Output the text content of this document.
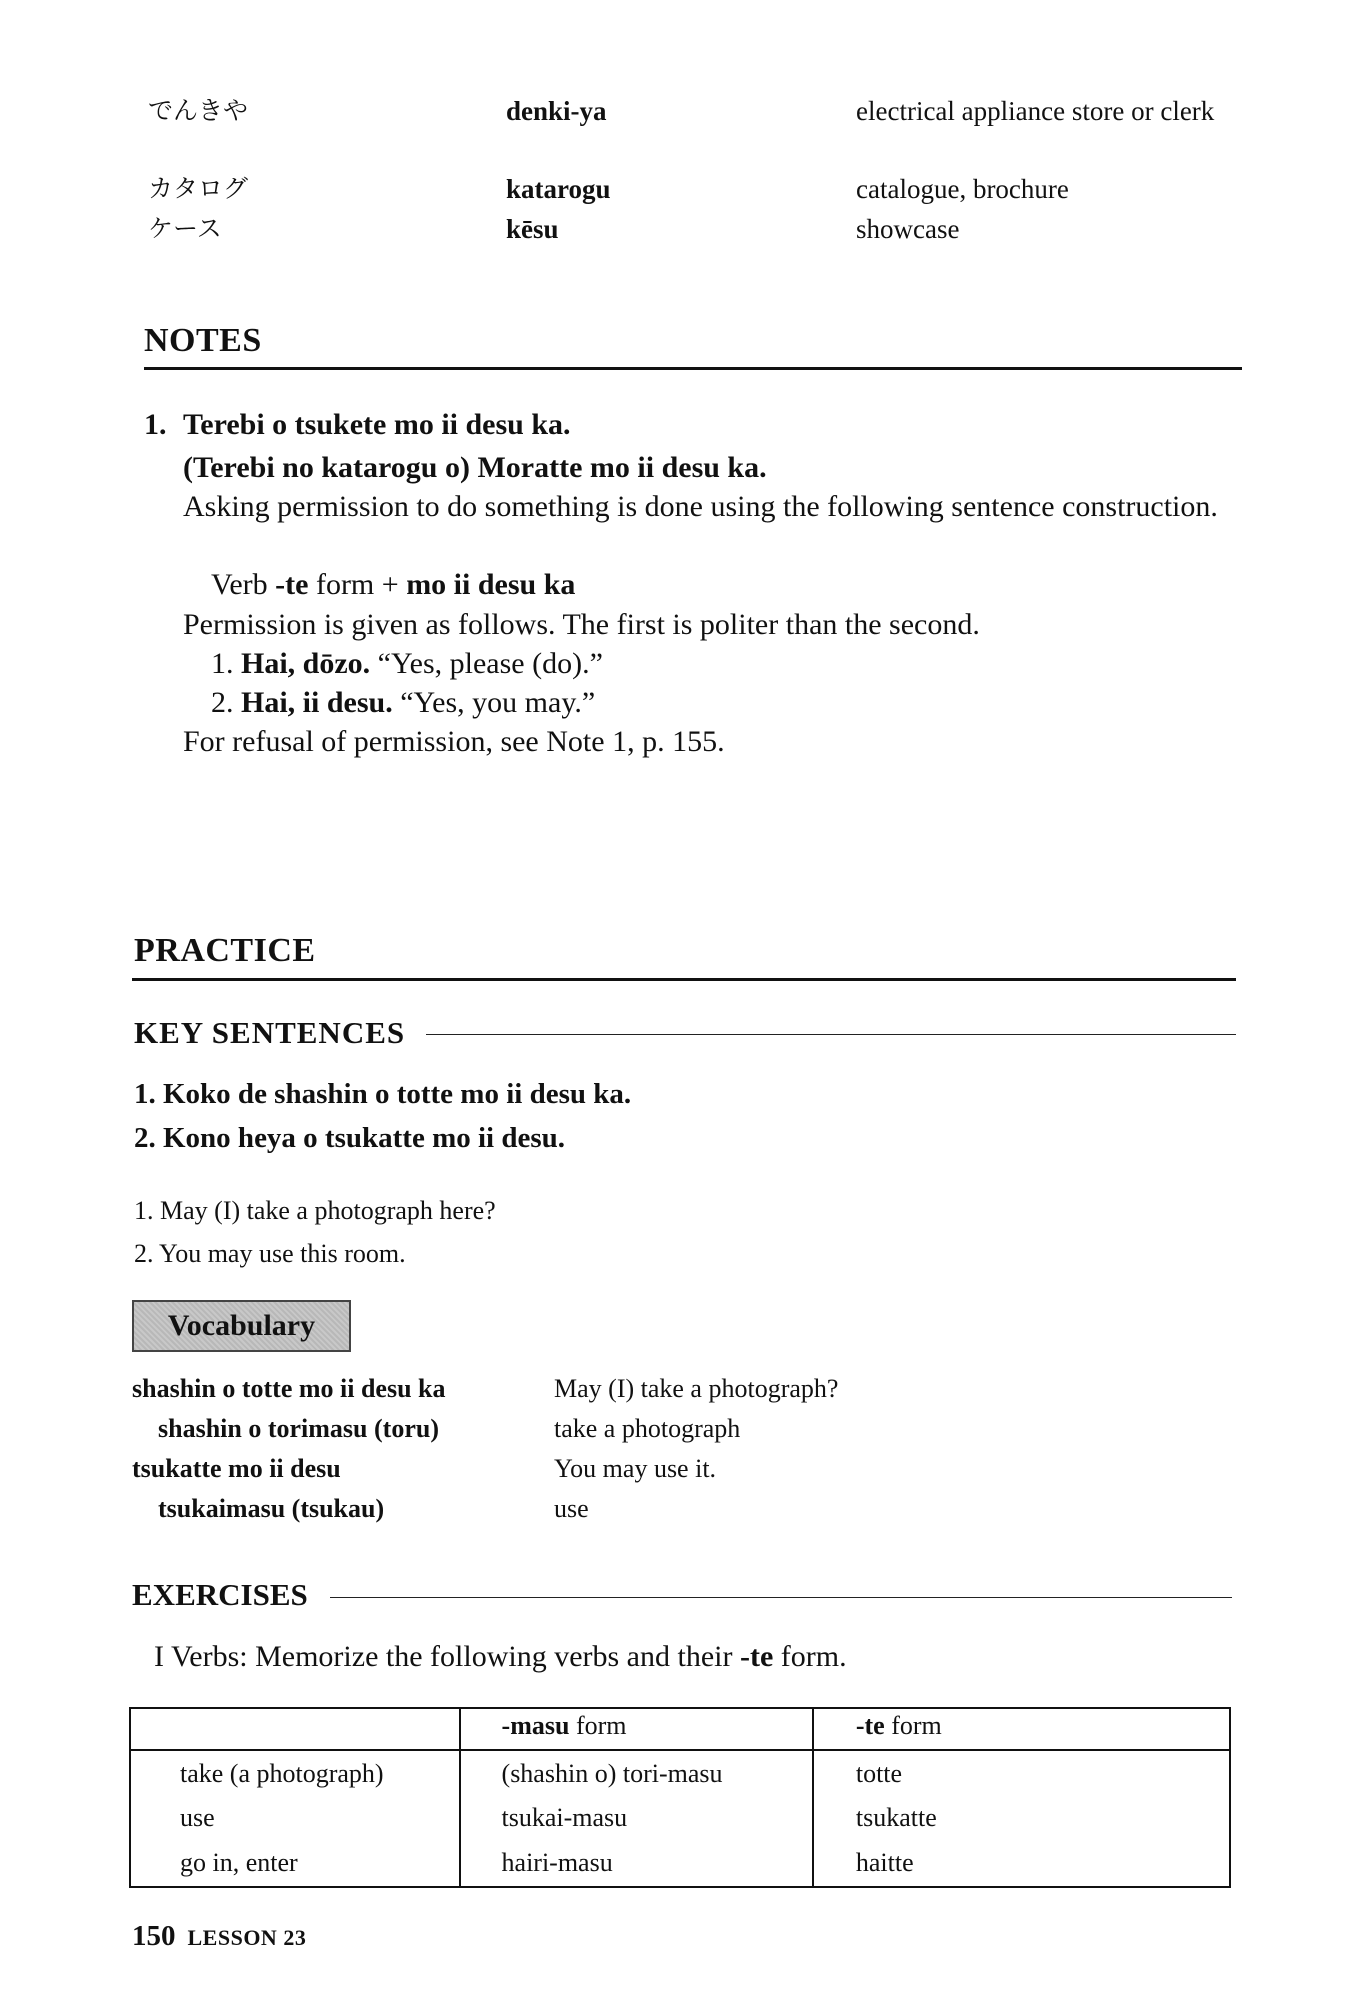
でんきや	denki-ya	electrical appliance store or clerk
カタログ	katarogu	catalogue, brochure
ケース	kēsu	showcase
NOTES
1. Terebi o tsukete mo ii desu ka.
(Terebi no katarogu o) Moratte mo ii desu ka.
Asking permission to do something is done using the following sentence construction.
Verb -te form + mo ii desu ka
Permission is given as follows. The first is politer than the second.
1. Hai, dōzo. “Yes, please (do).”
2. Hai, ii desu. “Yes, you may.”
For refusal of permission, see Note 1, p. 155.
PRACTICE
KEY SENTENCES
1. Koko de shashin o totte mo ii desu ka.
2. Kono heya o tsukatte mo ii desu.
1. May (I) take a photograph here?
2. You may use this room.
Vocabulary
shashin o totte mo ii desu ka	May (I) take a photograph?
shashin o torimasu (toru)	take a photograph
tsukatte mo ii desu	You may use it.
tsukaimasu (tsukau)	use
EXERCISES
I Verbs: Memorize the following verbs and their -te form.
	-masu form	-te form
take (a photograph)	(shashin o) tori-masu	totte
use	tsukai-masu	tsukatte
go in, enter	hairi-masu	haitte
150 LESSON 23
